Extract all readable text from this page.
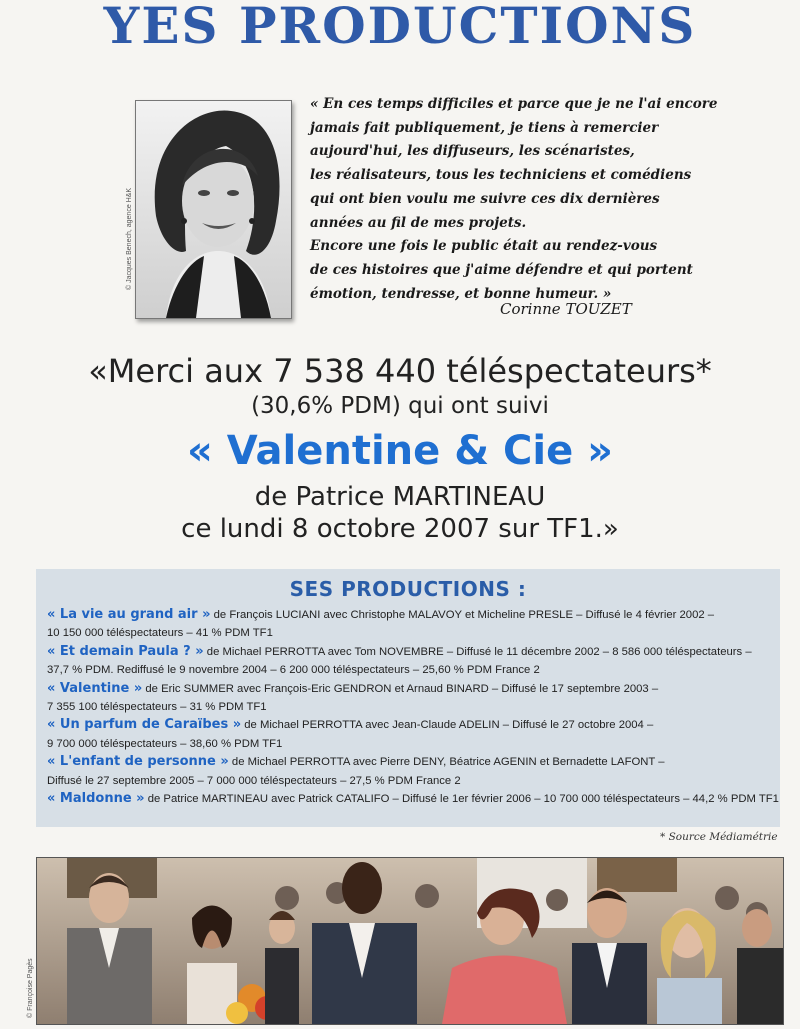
YES PRODUCTIONS
© Jacques Benech, agence H&K
« En ces temps difficiles et parce que je ne l'ai encore
jamais fait publiquement, je tiens à remercier
aujourd'hui, les diffuseurs, les scénaristes,
les réalisateurs, tous les techniciens et comédiens
qui ont bien voulu me suivre ces dix dernières
années au fil de mes projets.
Encore une fois le public était au rendez-vous
de ces histoires que j'aime défendre et qui portent
émotion, tendresse, et bonne humeur. »
Corinne TOUZET
«Merci aux 7 538 440 téléspectateurs*
(30,6% PDM) qui ont suivi
« Valentine & Cie »
de Patrice MARTINEAU
ce lundi 8 octobre 2007 sur TF1.»
SES PRODUCTIONS :

« La vie au grand air » de François LUCIANI avec Christophe MALAVOY et Micheline PRESLE – Diffusé le 4 février 2002 –
10 150 000 téléspectateurs – 41 % PDM TF1

« Et demain Paula ? » de Michael PERROTTA avec Tom NOVEMBRE – Diffusé le 11 décembre 2002 – 8 586 000 téléspectateurs –
37,7 % PDM. Rediffusé le 9 novembre 2004 – 6 200 000 téléspectateurs – 25,60 % PDM France 2

« Valentine » de Eric SUMMER avec François-Eric GENDRON et Arnaud BINARD – Diffusé le 17 septembre 2003 –
7 355 100 téléspectateurs – 31 % PDM TF1

« Un parfum de Caraïbes » de Michael PERROTTA avec Jean-Claude ADELIN – Diffusé le 27 octobre 2004 –
9 700 000 téléspectateurs – 38,60 % PDM TF1

« L'enfant de personne » de Michael PERROTTA avec Pierre DENY, Béatrice AGENIN et Bernadette LAFONT –
Diffusé le 27 septembre 2005 – 7 000 000 téléspectateurs – 27,5 % PDM France 2

« Maldonne » de Patrice MARTINEAU avec Patrick CATALIFO – Diffusé le 1er février 2006 – 10 700 000 téléspectateurs – 44,2 % PDM TF1

* Source Médiamétrie
© Françoise Pagès
